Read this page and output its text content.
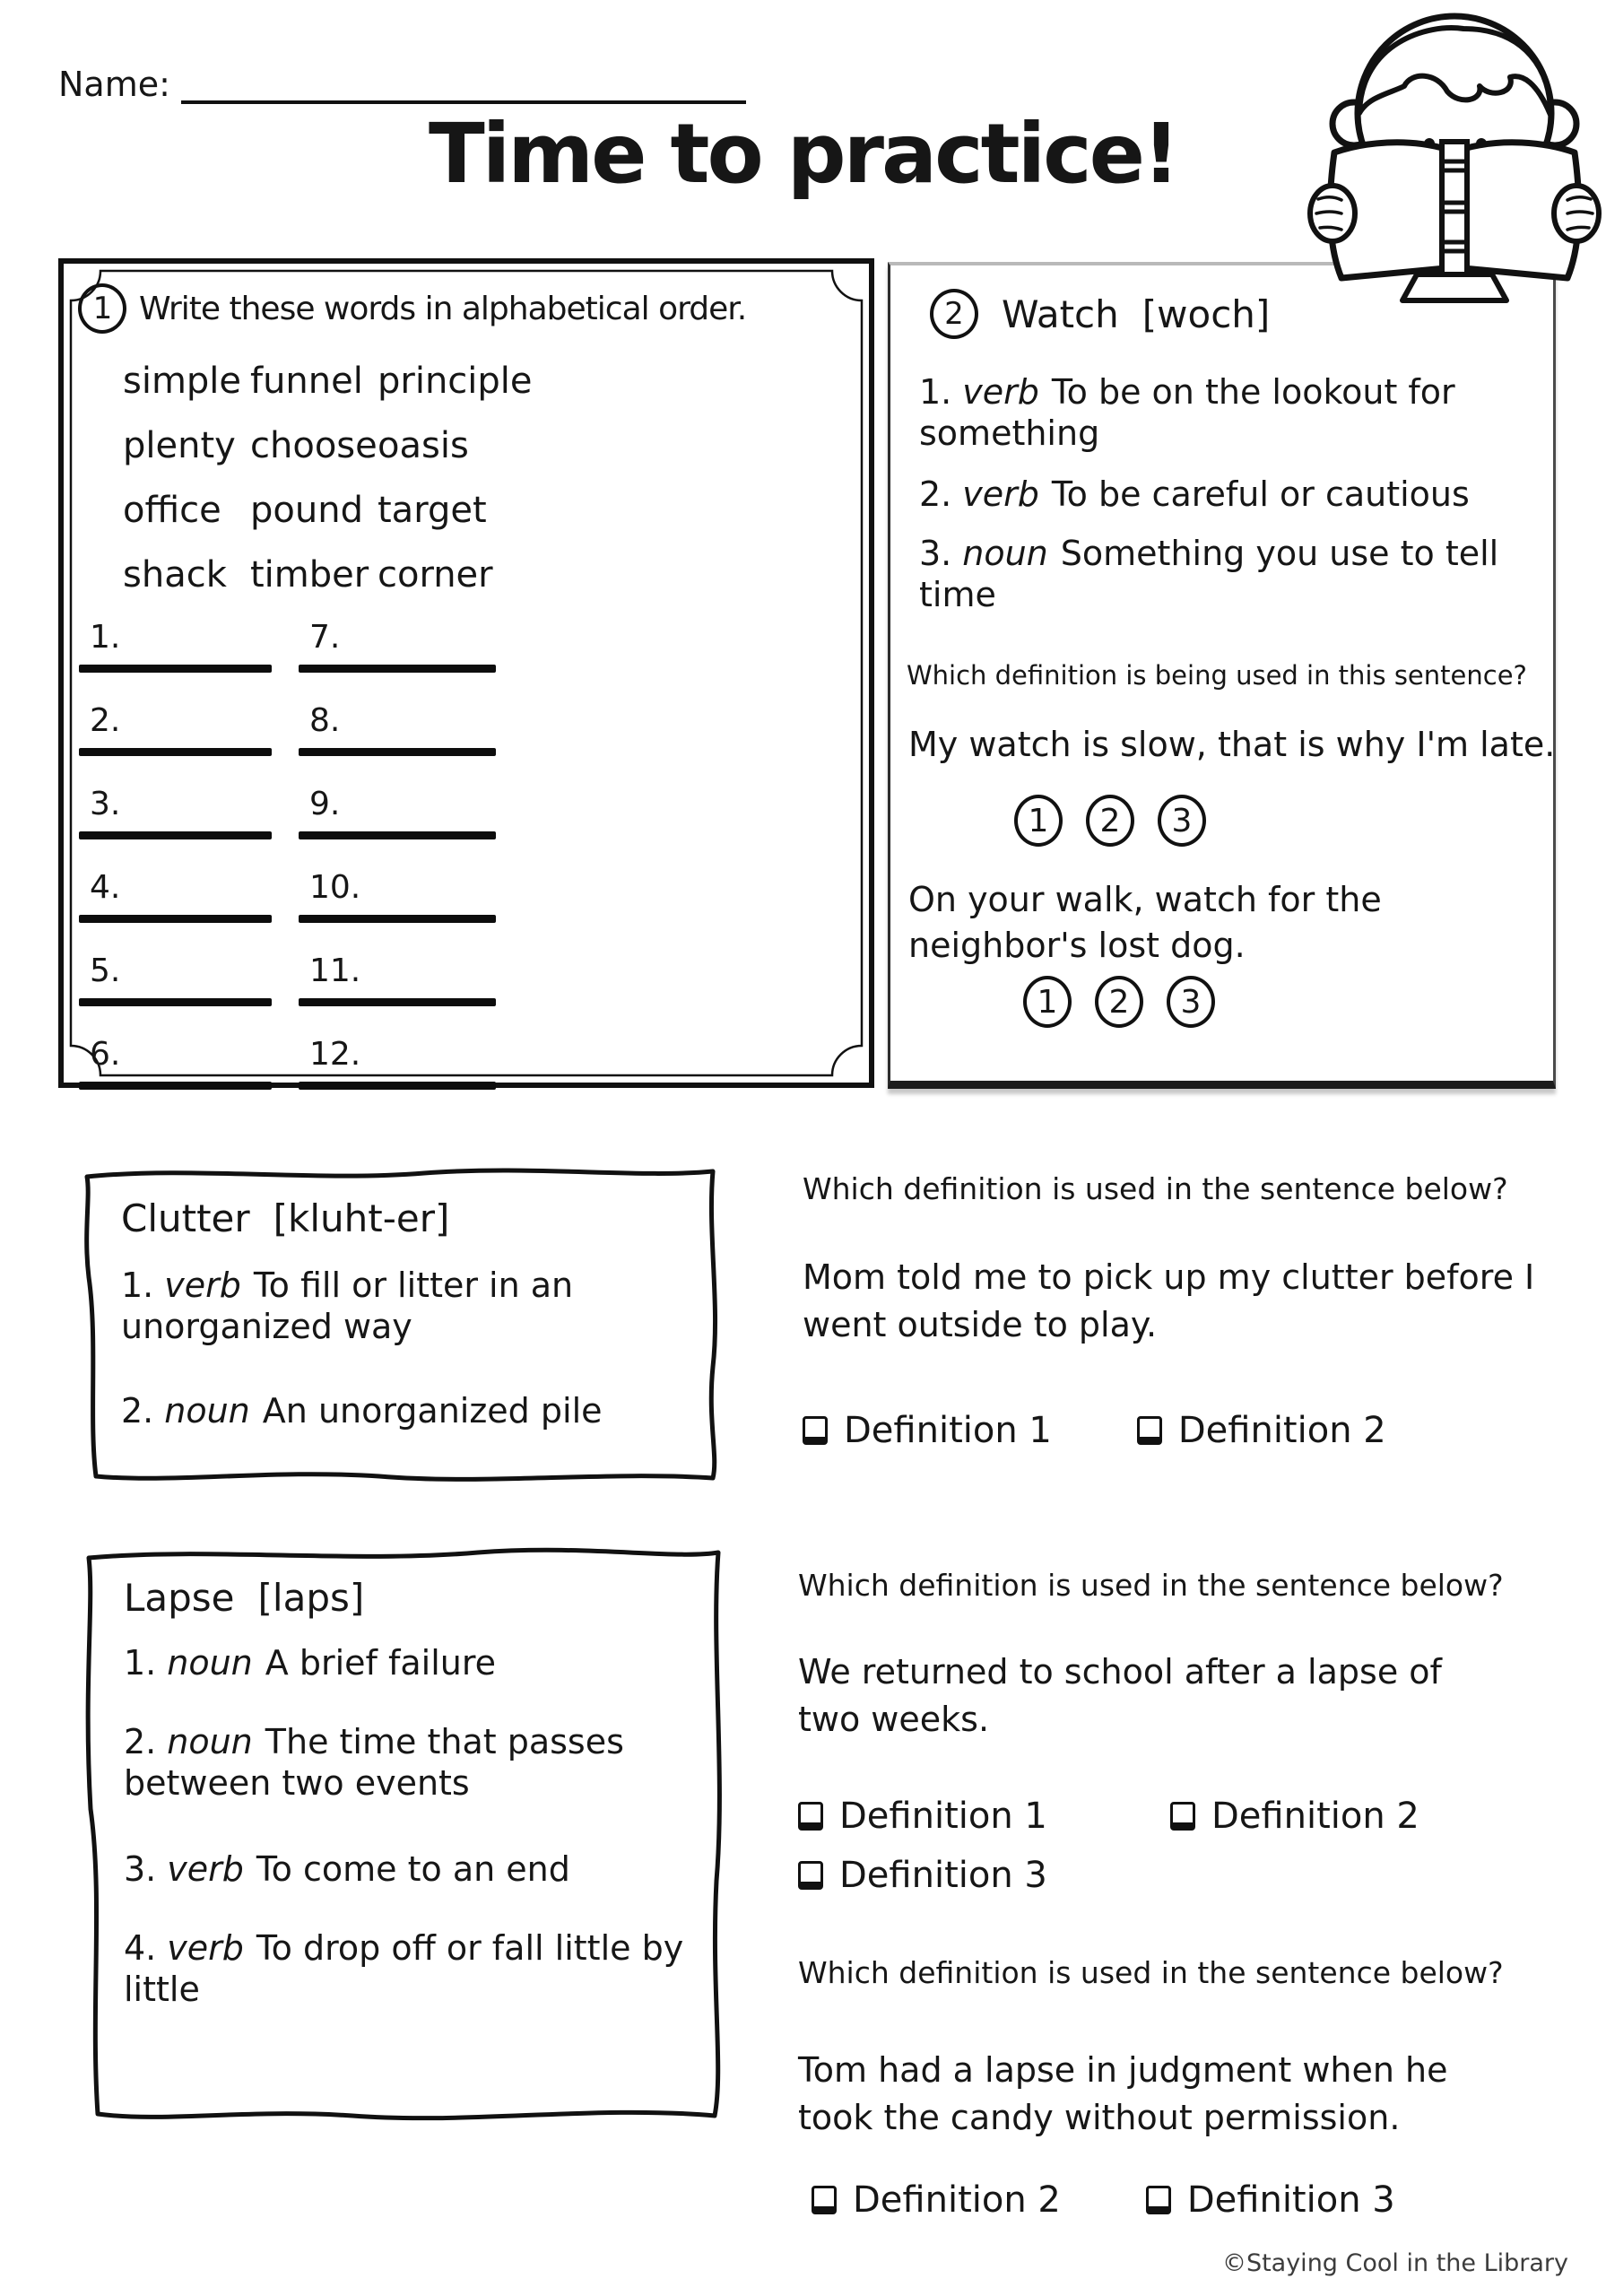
Name:
Time to practice!
1 Write these words in alphabetical order.
simple funnel principle
plenty choose oasis
office pound target
shack timber corner
1.
2.
3.
4.
5.
6.
7.
8.
9.
10.
11.
12.
2	Watch [woch]

1. verb To be on the lookout for something

2. verb To be careful or cautious

3. noun Something you use to tell time

Which definition is being used in this sentence?
My watch is slow, that is why I'm late.
1	2	3
On your walk, watch for the neighbor's lost dog.
1	2	3
Clutter [kluht-er]

1. verb To fill or litter in an unorganized way

2. noun An unorganized pile

Which definition is used in the sentence below?
Mom told me to pick up my clutter before I went outside to play.
Definition 1	Definition 2
Lapse [laps]

1. noun A brief failure

2. noun The time that passes between two events

3. verb To come to an end

4. verb To drop off or fall little by little

Which definition is used in the sentence below?
We returned to school after a lapse of two weeks.
Definition 1	Definition 2
Definition 3
Which definition is used in the sentence below?
Tom had a lapse in judgment when he took the candy without permission.
Definition 2	Definition 3
©Staying Cool in the Library
